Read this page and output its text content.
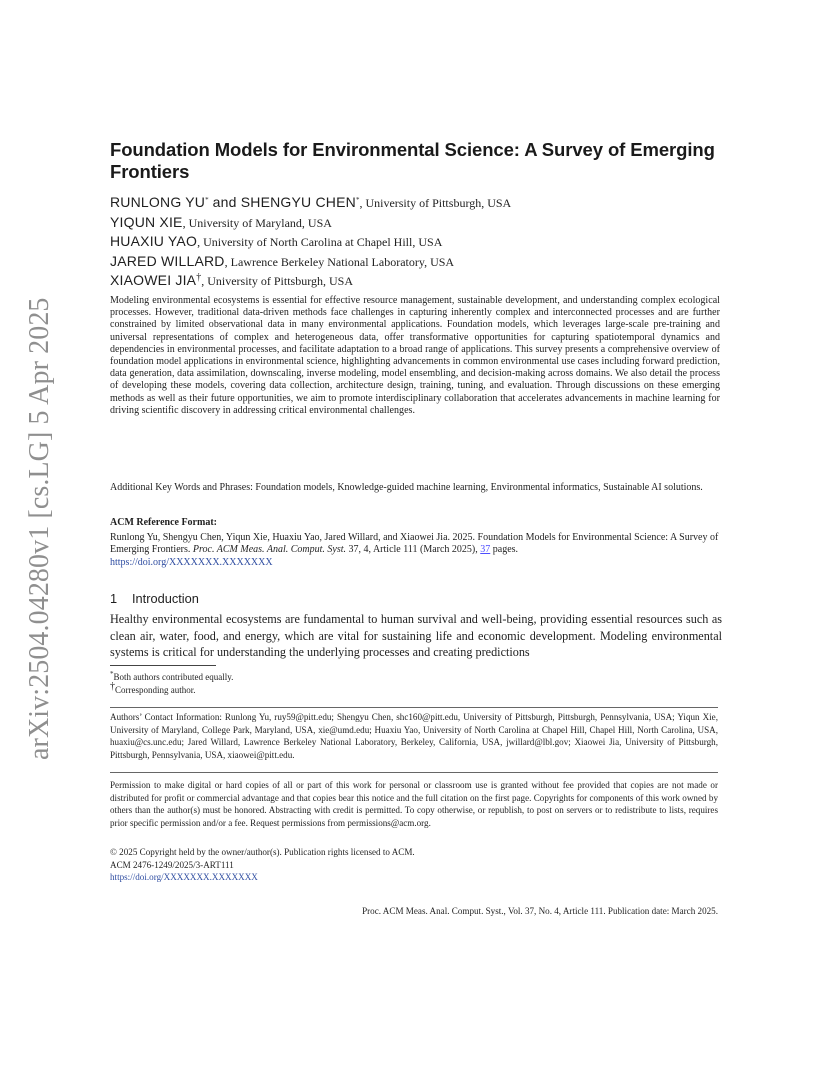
arXiv:2504.04280v1 [cs.LG] 5 Apr 2025
Foundation Models for Environmental Science: A Survey of Emerging Frontiers
RUNLONG YU* and SHENGYU CHEN*, University of Pittsburgh, USA
YIQUN XIE, University of Maryland, USA
HUAXIU YAO, University of North Carolina at Chapel Hill, USA
JARED WILLARD, Lawrence Berkeley National Laboratory, USA
XIAOWEI JIA†, University of Pittsburgh, USA

Modeling environmental ecosystems is essential for effective resource management, sustainable development, and understanding complex ecological processes. However, traditional data-driven methods face challenges in capturing inherently complex and interconnected processes and are further constrained by limited observational data in many environmental applications. Foundation models, which leverages large-scale pre-training and universal representations of complex and heterogeneous data, offer transformative opportunities for capturing spatiotemporal dynamics and dependencies in environmental processes, and facilitate adaptation to a broad range of applications. This survey presents a comprehensive overview of foundation model applications in environmental science, highlighting advancements in common environmental use cases including forward prediction, data generation, data assimilation, downscaling, inverse modeling, model ensembling, and decision-making across domains. We also detail the process of developing these models, covering data collection, architecture design, training, tuning, and evaluation. Through discussions on these emerging methods as well as their future opportunities, we aim to promote interdisciplinary collaboration that accelerates advancements in machine learning for driving scientific discovery in addressing critical environmental challenges.

Additional Key Words and Phrases: Foundation models, Knowledge-guided machine learning, Environmental informatics, Sustainable AI solutions.

ACM Reference Format:

Runlong Yu, Shengyu Chen, Yiqun Xie, Huaxiu Yao, Jared Willard, and Xiaowei Jia. 2025. Foundation Models for Environmental Science: A Survey of Emerging Frontiers. Proc. ACM Meas. Anal. Comput. Syst. 37, 4, Article 111 (March 2025), 37 pages.
https://doi.org/XXXXXXX.XXXXXXX

1 Introduction

Healthy environmental ecosystems are fundamental to human survival and well-being, providing essential resources such as clean air, water, food, and energy, which are vital for sustaining life and economic development. Modeling environmental systems is critical for understanding the underlying processes and creating predictions

*Both authors contributed equally.
†Corresponding author.

Authors’ Contact Information: Runlong Yu, ruy59@pitt.edu; Shengyu Chen, shc160@pitt.edu, University of Pittsburgh, Pittsburgh, Pennsylvania, USA; Yiqun Xie, University of Maryland, College Park, Maryland, USA, xie@umd.edu; Huaxiu Yao, University of North Carolina at Chapel Hill, Chapel Hill, North Carolina, USA, huaxiu@cs.unc.edu; Jared Willard, Lawrence Berkeley National Laboratory, Berkeley, California, USA, jwillard@lbl.gov; Xiaowei Jia, University of Pittsburgh, Pittsburgh, Pennsylvania, USA, xiaowei@pitt.edu.

Permission to make digital or hard copies of all or part of this work for personal or classroom use is granted without fee provided that copies are not made or distributed for profit or commercial advantage and that copies bear this notice and the full citation on the first page. Copyrights for components of this work owned by others than the author(s) must be honored. Abstracting with credit is permitted. To copy otherwise, or republish, to post on servers or to redistribute to lists, requires prior specific permission and/or a fee. Request permissions from permissions@acm.org.

© 2025 Copyright held by the owner/author(s). Publication rights licensed to ACM.
ACM 2476-1249/2025/3-ART111
https://doi.org/XXXXXXX.XXXXXXX
Proc. ACM Meas. Anal. Comput. Syst., Vol. 37, No. 4, Article 111. Publication date: March 2025.
